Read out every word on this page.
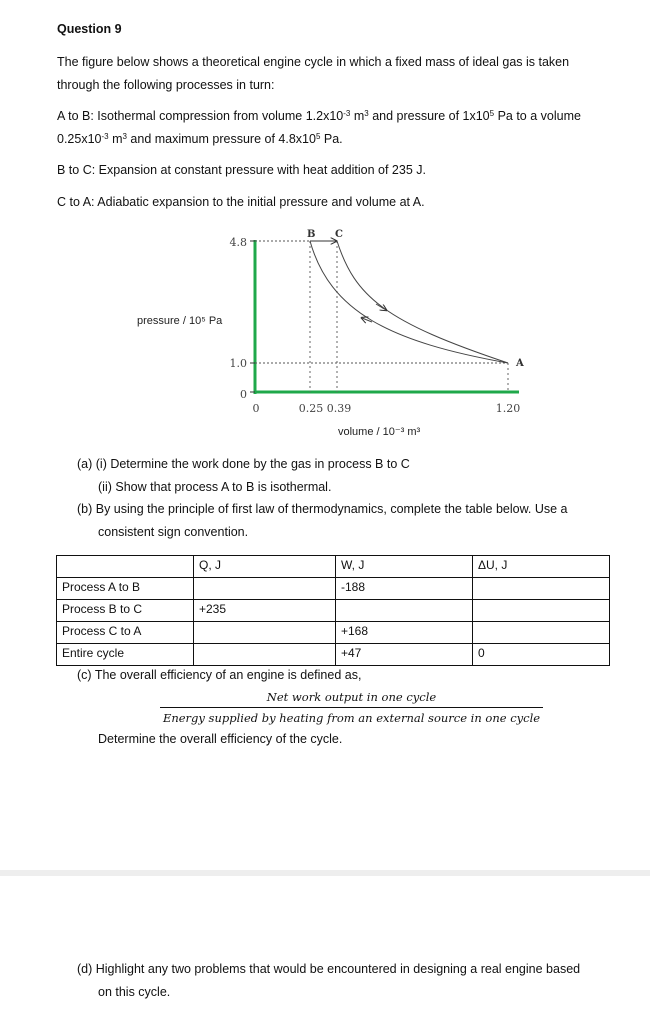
Question 9
The figure below shows a theoretical engine cycle in which a fixed mass of ideal gas is taken
through the following processes in turn:
A to B: Isothermal compression from volume $1.2x10^{-3}$ $m^3$ and pressure of $1x10^5$ Pa to a volume
$0.25x10^{-3}$ $m^3$ and maximum pressure of $4.8x10^5$ Pa.
B to C: Expansion at constant pressure with heat addition of 235 J.
C to A: Adiabatic expansion to the initial pressure and volume at A.
4.8
1.0
0
0	0.25 0.39	1.20
pressure / 10⁵ Pa
volume / 10⁻³ m³
B C
A
(a) (i) Determine the work done by the gas in process B to C
(ii) Show that process A to B is isothermal.
(b) By using the principle of first law of thermodynamics, complete the table below. Use a
consistent sign convention.
	Q, J	W, J	ΔU, J
Process A to B		-188	
Process B to C	+235		
Process C to A		+168	
Entire cycle		+47	0
(c) The overall efficiency of an engine is defined as,
Net work output in one cycle
Energy supplied by heating from an external source in one cycle
Determine the overall efficiency of the cycle.
(d) Highlight any two problems that would be encountered in designing a real engine based
on this cycle.
